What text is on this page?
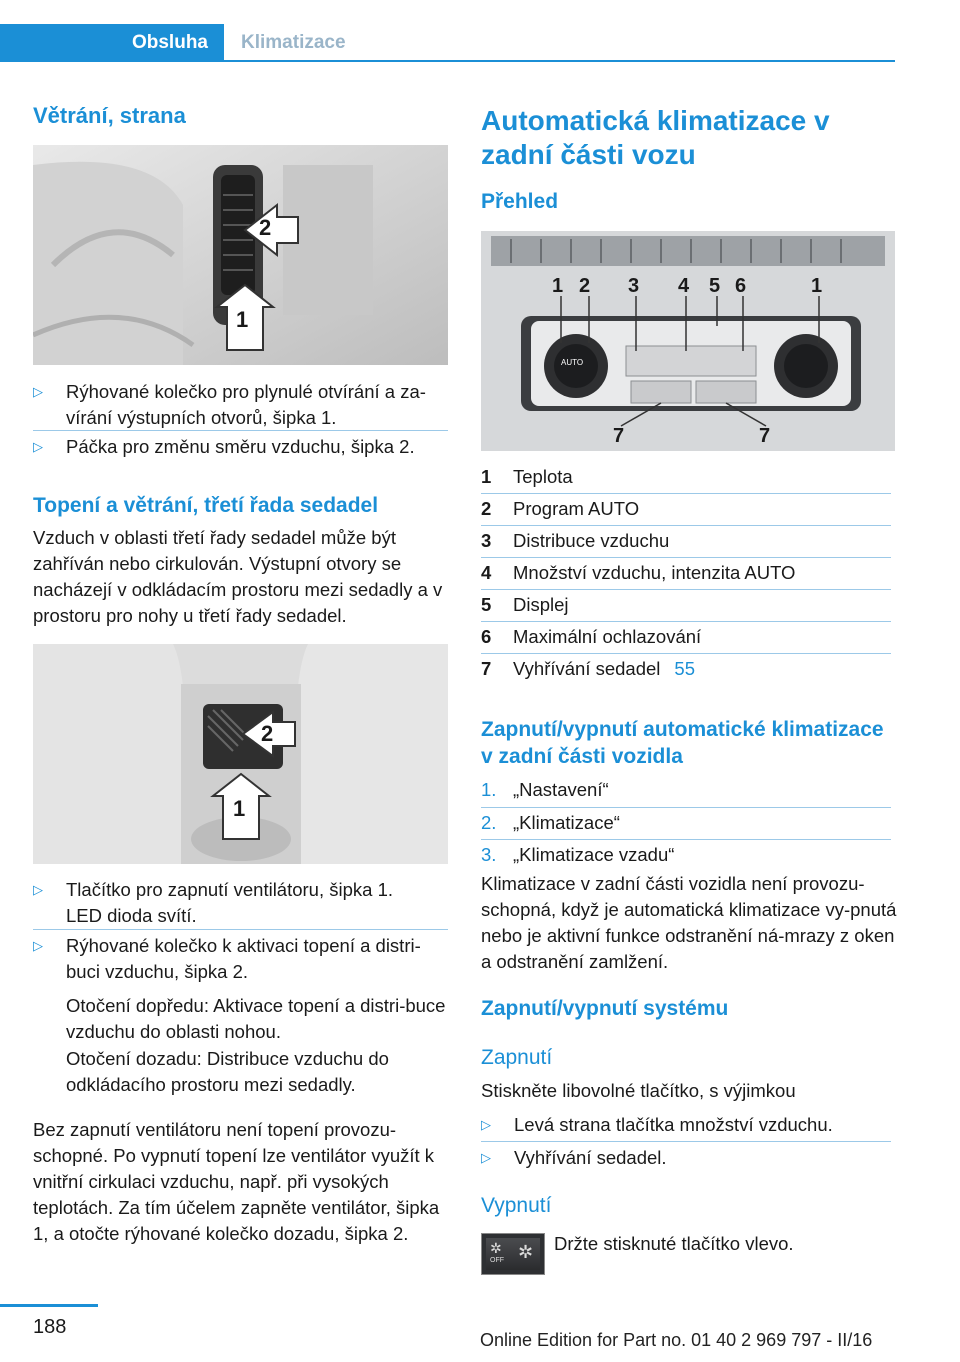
Obsluha	Klimatizace
Větrání, strana
2
1
▷ Rýhované kolečko pro plynulé otvírání a za-vírání výstupních otvorů, šipka 1.
▷ Páčka pro změnu směru vzduchu, šipka 2.
Topení a větrání, třetí řada sedadel

Vzduch v oblasti třetí řady sedadel může být zahříván nebo cirkulován. Výstupní otvory se nacházejí v odkládacím prostoru mezi sedadly a v prostoru pro nohy u třetí řady sedadel.

2
1
▷ Tlačítko pro zapnutí ventilátoru, šipka 1. LED dioda svítí.
▷ Rýhované kolečko k aktivaci topení a distri-buci vzduchu, šipka 2.
Otočení dopředu: Aktivace topení a distri-buce vzduchu do oblasti nohou.
Otočení dozadu: Distribuce vzduchu do odkládacího prostoru mezi sedadly.

Bez zapnutí ventilátoru není topení provozu-schopné. Po vypnutí topení lze ventilátor využít k vnitřní cirkulaci vzduchu, např. při vysokých teplotách. Za tím účelem zapněte ventilátor, šipka 1, a otočte rýhované kolečko dozadu, šipka 2.

Automatická klimatizace v zadní části vozu
Přehled
AUTO
1 2 3 4 5 6	1
7	7
1	Teplota
2	Program AUTO
3	Distribuce vzduchu
4	Množství vzduchu, intenzita AUTO
5	Displej
6	Maximální ochlazování
7	Vyhřívání sedadel 55
Zapnutí/vypnutí automatické klimatizace v zadní části vozidla
1. „Nastavení“
2. „Klimatizace“
3. „Klimatizace vzadu“

Klimatizace v zadní části vozidla není provozu-schopná, když je automatická klimatizace vy-pnutá nebo je aktivní funkce odstranění ná-mrazy z oken a odstranění zamlžení.

Zapnutí/vypnutí systému
Zapnutí

Stiskněte libovolné tlačítko, s výjimkou

▷ Levá strana tlačítka množství vzduchu.
▷ Vyhřívání sedadel.
Vypnutí
✲
OFF ✲ Držte stisknuté tlačítko vlevo.

188
Online Edition for Part no. 01 40 2 969 797 - II/16
